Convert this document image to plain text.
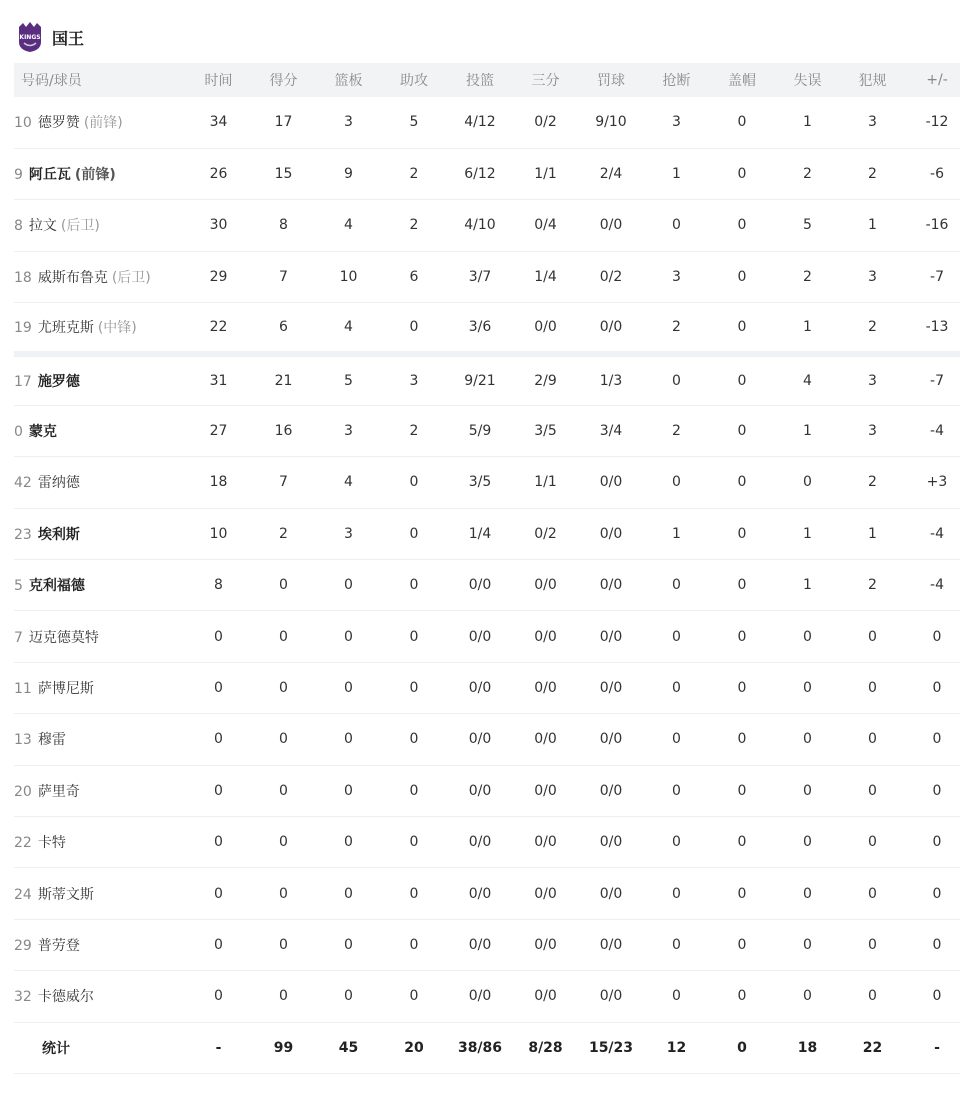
KINGS 国王
号码/球员	时间	得分	篮板	助攻	投篮	三分	罚球	抢断	盖帽	失误	犯规	+/-
10 德罗赞 (前锋)	34	17	3	5	4/12	0/2	9/10	3	0	1	3	-12
9 阿丘瓦 (前锋)	26	15	9	2	6/12	1/1	2/4	1	0	2	2	-6
8 拉文 (后卫)	30	8	4	2	4/10	0/4	0/0	0	0	5	1	-16
18 威斯布鲁克 (后卫)	29	7	10	6	3/7	1/4	0/2	3	0	2	3	-7
19 尤班克斯 (中锋)	22	6	4	0	3/6	0/0	0/0	2	0	1	2	-13
17 施罗德	31	21	5	3	9/21	2/9	1/3	0	0	4	3	-7
0 蒙克	27	16	3	2	5/9	3/5	3/4	2	0	1	3	-4
42 雷纳德	18	7	4	0	3/5	1/1	0/0	0	0	0	2	+3
23 埃利斯	10	2	3	0	1/4	0/2	0/0	1	0	1	1	-4
5 克利福德	8	0	0	0	0/0	0/0	0/0	0	0	1	2	-4
7 迈克德莫特	0	0	0	0	0/0	0/0	0/0	0	0	0	0	0
11 萨博尼斯	0	0	0	0	0/0	0/0	0/0	0	0	0	0	0
13 穆雷	0	0	0	0	0/0	0/0	0/0	0	0	0	0	0
20 萨里奇	0	0	0	0	0/0	0/0	0/0	0	0	0	0	0
22 卡特	0	0	0	0	0/0	0/0	0/0	0	0	0	0	0
24 斯蒂文斯	0	0	0	0	0/0	0/0	0/0	0	0	0	0	0
29 普劳登	0	0	0	0	0/0	0/0	0/0	0	0	0	0	0
32 卡德威尔	0	0	0	0	0/0	0/0	0/0	0	0	0	0	0
统计	-	99	45	20	38/86	8/28	15/23	12	0	18	22	-
